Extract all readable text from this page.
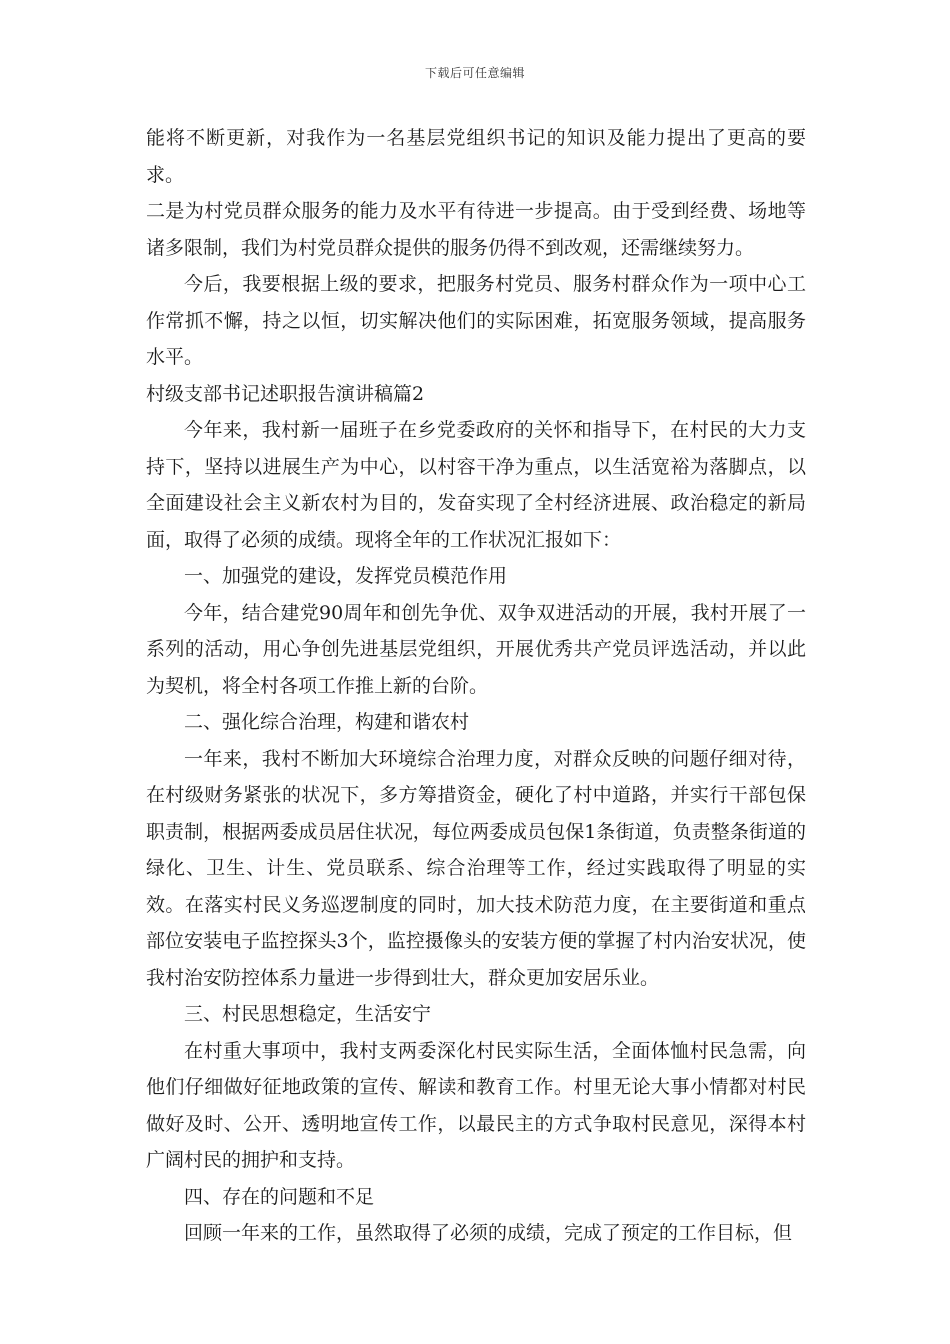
下载后可任意编辑

能将不断更新，对我作为一名基层党组织书记的知识及能力提出了更高的要求。

二是为村党员群众服务的能力及水平有待进一步提高。由于受到经费、场地等诸多限制，我们为村党员群众提供的服务仍得不到改观，还需继续努力。

今后，我要根据上级的要求，把服务村党员、服务村群众作为一项中心工作常抓不懈，持之以恒，切实解决他们的实际困难，拓宽服务领域，提高服务水平。

村级支部书记述职报告演讲稿篇2

今年来，我村新一届班子在乡党委政府的关怀和指导下，在村民的大力支持下，坚持以进展生产为中心，以村容干净为重点，以生活宽裕为落脚点，以全面建设社会主义新农村为目的，发奋实现了全村经济进展、政治稳定的新局面，取得了必须的成绩。现将全年的工作状况汇报如下：

一、加强党的建设，发挥党员模范作用

今年，结合建党90周年和创先争优、双争双进活动的开展，我村开展了一系列的活动，用心争创先进基层党组织，开展优秀共产党员评选活动，并以此为契机，将全村各项工作推上新的台阶。

二、强化综合治理，构建和谐农村

一年来，我村不断加大环境综合治理力度，对群众反映的问题仔细对待，在村级财务紧张的状况下，多方筹措资金，硬化了村中道路，并实行干部包保职责制，根据两委成员居住状况，每位两委成员包保1条街道，负责整条街道的绿化、卫生、计生、党员联系、综合治理等工作，经过实践取得了明显的实效。在落实村民义务巡逻制度的同时，加大技术防范力度，在主要街道和重点部位安装电子监控探头3个，监控摄像头的安装方便的掌握了村内治安状况，使我村治安防控体系力量进一步得到壮大，群众更加安居乐业。

三、村民思想稳定，生活安宁

在村重大事项中，我村支两委深化村民实际生活，全面体恤村民急需，向他们仔细做好征地政策的宣传、解读和教育工作。村里无论大事小情都对村民做好及时、公开、透明地宣传工作，以最民主的方式争取村民意见，深得本村广阔村民的拥护和支持。

四、存在的问题和不足

回顾一年来的工作，虽然取得了必须的成绩，完成了预定的工作目标，但
